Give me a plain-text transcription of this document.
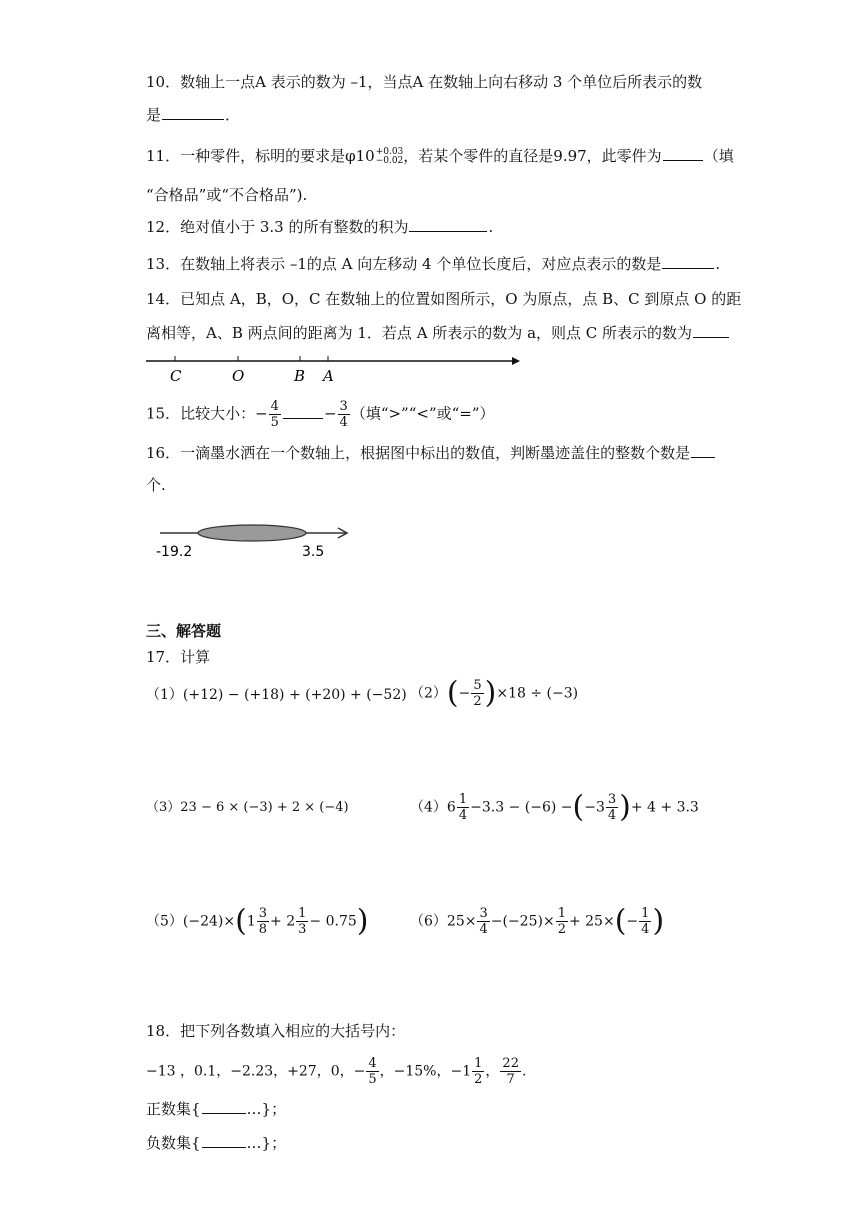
10．数轴上一点A 表示的数为 –1，当点A 在数轴上向右移动 3 个单位后所表示的数
是	．
11．一种零件，标明的要求是φ10 +0.03
−0.02 ，若某个零件的直径是9.97，此零件为	（填
“合格品”或“不合格品”).
12．绝对值小于 3.3 的所有整数的积为	.
13．在数轴上将表示 –1的点 A 向左移动 4 个单位长度后，对应点表示的数是	.
14．已知点 A，B，O，C 在数轴上的位置如图所示，O 为原点，点 B、C 到原点 O 的距
离相等，A、B 两点间的距离为 1．若点 A 所表示的数为 a，则点 C 所表示的数为
C	O	B A
15．比较大小：− $\frac{4}{5}$	− $\frac{3}{4}$ （填“>”“<”或“=”）
16．一滴墨水洒在一个数轴上，根据图中标出的数值，判断墨迹盖住的整数个数是
个.
-19.2	3.5
三、解答题
17．计算
（1）(+12) − (+18) + (+20) + (−52) $(2)(- \frac{5}{2} )\times 18 \div (-3)$
（3）23 − 6 × (−3) + 2 × (−4)	$(4)6 \frac{1}{4} -3.3 - (-6) -(-3 \frac{3}{4}$ )+ 4 + 3.3
$(5)(-24)\times(1 \frac{3}{8} + 2 \frac{1}{3} - 0.75)$	$(6)25\times \frac{3}{4} -(-25)\times \frac{1}{2} + 25\times(- \frac{1}{4}$ )
18．把下列各数填入相应的大括号内：
−13 ，0.1，−2.23，+27，0，− $\frac{4}{5}$ ，−15%，$-1 \frac{1}{2}$ ， $\frac{22}{7}$ .
正数集{	…}；
负数集{	…}；
